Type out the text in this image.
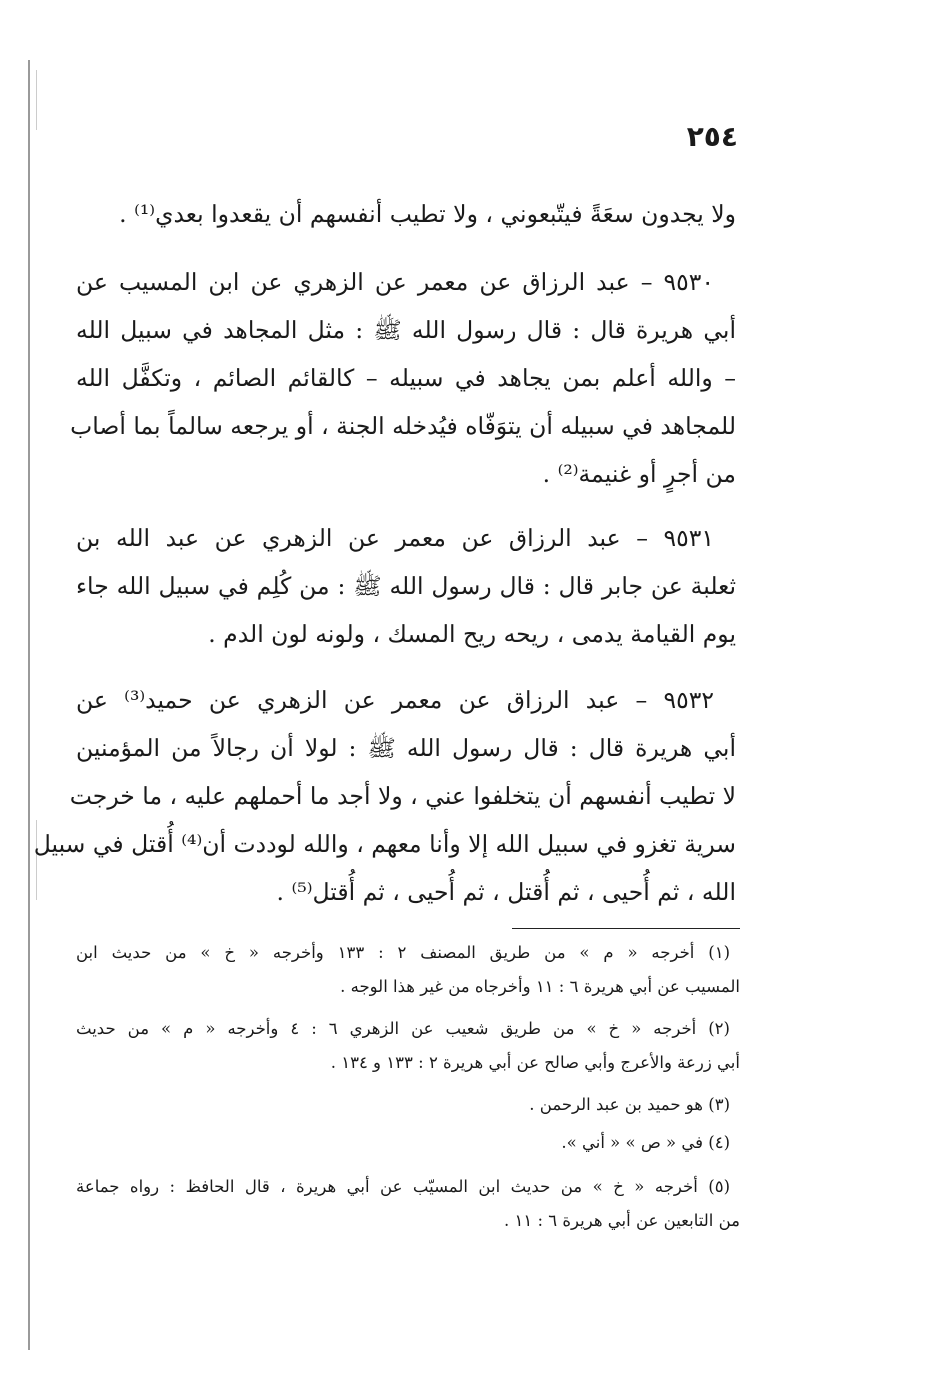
٢٥٤
ولا يجدون سعَةً فيتّبعوني ، ولا تطيب أنفسهم أن يقعدوا بعدي⁽¹⁾ .
٩٥٣٠ – عبد الرزاق عن معمر عن الزهري عن ابن المسيب عن
أبي هريرة قال : قال رسول الله ﷺ : مثل المجاهد في سبيل الله
– والله أعلم بمن يجاهد في سبيله – كالقائم الصائم ، وتكفَّل الله
للمجاهد في سبيله أن يتوَفّاه فيُدخله الجنة ، أو يرجعه سالماً بما أصاب
من أجرٍ أو غنيمة⁽²⁾ .
٩٥٣١ – عبد الرزاق عن معمر عن الزهري عن عبد الله بن
ثعلبة عن جابر قال : قال رسول الله ﷺ : من كُلِم في سبيل الله جاء
يوم القيامة يدمى ، ريحه ريح المسك ، ولونه لون الدم .
٩٥٣٢ – عبد الرزاق عن معمر عن الزهري عن حميد⁽³⁾ عن
أبي هريرة قال : قال رسول الله ﷺ : لولا أن رجالاً من المؤمنين
لا تطيب أنفسهم أن يتخلفوا عني ، ولا أجد ما أحملهم عليه ، ما خرجت
سرية تغزو في سبيل الله إلا وأنا معهم ، والله لوددت أن⁽⁴⁾ أُقتل في سبيل
الله ، ثم أُحيى ، ثم أُقتل ، ثم أُحيى ، ثم أُقتل⁽⁵⁾ .
(١) أخرجه « م » من طريق المصنف ٢ : ١٣٣ وأخرجه « خ » من حديث ابن
المسيب عن أبي هريرة ٦ : ١١ وأخرجاه من غير هذا الوجه .
(٢) أخرجه « خ » من طريق شعيب عن الزهري ٦ : ٤ وأخرجه « م » من حديث
أبي زرعة والأعرج وأبي صالح عن أبي هريرة ٢ : ١٣٣ و ١٣٤ .
(٣) هو حميد بن عبد الرحمن .
(٤) في « ص » « أني ».
(٥) أخرجه « خ » من حديث ابن المسيّب عن أبي هريرة ، قال الحافظ : رواه جماعة
من التابعين عن أبي هريرة ٦ : ١١ .
